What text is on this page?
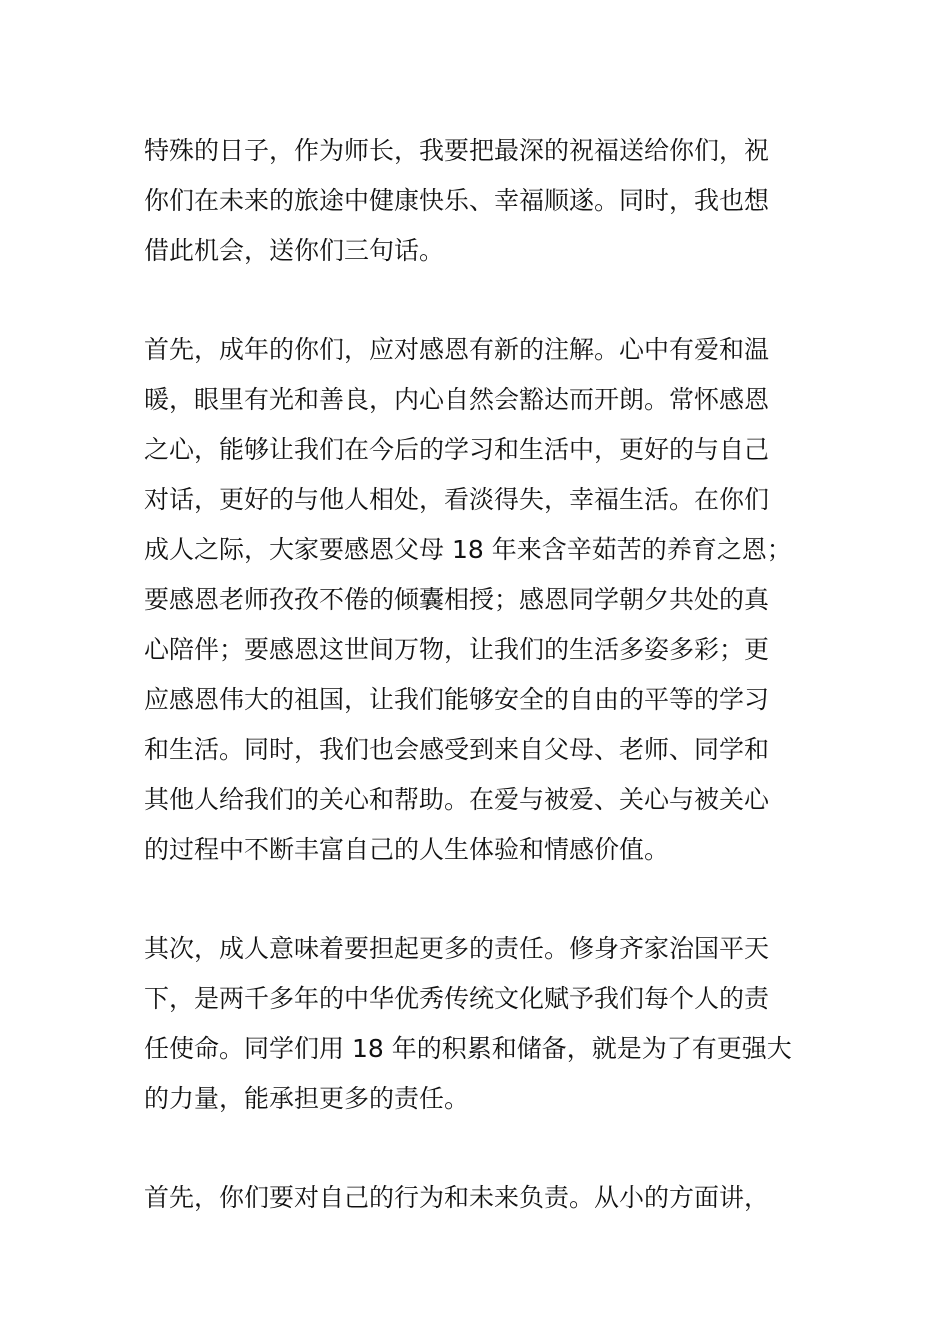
特殊的日子，作为师长，我要把最深的祝福送给你们，祝
你们在未来的旅途中健康快乐、幸福顺遂。同时，我也想
借此机会，送你们三句话。
首先，成年的你们，应对感恩有新的注解。心中有爱和温
暖，眼里有光和善良，内心自然会豁达而开朗。常怀感恩
之心，能够让我们在今后的学习和生活中，更好的与自己
对话，更好的与他人相处，看淡得失，幸福生活。在你们
成人之际，大家要感恩父母 18 年来含辛茹苦的养育之恩；
要感恩老师孜孜不倦的倾囊相授；感恩同学朝夕共处的真
心陪伴；要感恩这世间万物，让我们的生活多姿多彩；更
应感恩伟大的祖国，让我们能够安全的自由的平等的学习
和生活。同时，我们也会感受到来自父母、老师、同学和
其他人给我们的关心和帮助。在爱与被爱、关心与被关心
的过程中不断丰富自己的人生体验和情感价值。
其次，成人意味着要担起更多的责任。修身齐家治国平天
下，是两千多年的中华优秀传统文化赋予我们每个人的责
任使命。同学们用 18 年的积累和储备，就是为了有更强大
的力量，能承担更多的责任。
首先，你们要对自己的行为和未来负责。从小的方面讲，
